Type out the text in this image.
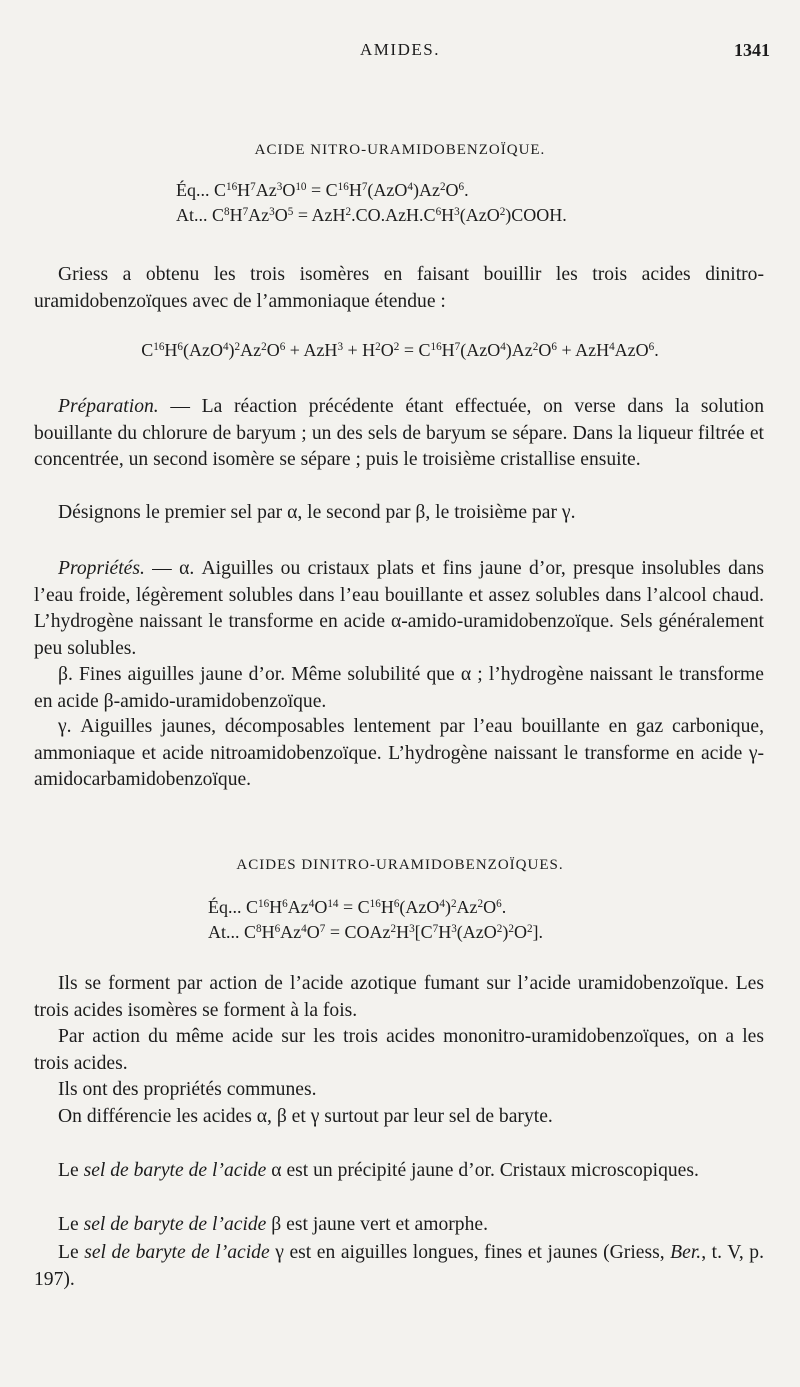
AMIDES.	1341
ACIDE NITRO-URAMIDOBENZOÏQUE.
Éq... $C^{16}H^7Az^3O^{10} = C^{16}H^7(AzO^4)Az^2O^6$.
At... $C^8H^7Az^3O^5$ = $AzH^2.CO.AzH.C^6H^3(AzO^2)COOH$.
Griess a obtenu les trois isomères en faisant bouillir les trois acides dinitro-uramidobenzoïques avec de l’ammoniaque étendue :
$C^{16}H^6(AzO^4)^2Az^2O^6 + AzH^3 + H^2O^2 = C^{16}H^7(AzO^4)Az^2O^6 + AzH^4AzO^6$.
Préparation. — La réaction précédente étant effectuée, on verse dans la solution bouillante du chlorure de baryum ; un des sels de baryum se sépare. Dans la liqueur filtrée et concentrée, un second isomère se sépare ; puis le troisième cristallise ensuite.
Désignons le premier sel par α, le second par β, le troisième par γ.
Propriétés. — α. Aiguilles ou cristaux plats et fins jaune d’or, presque insolubles dans l’eau froide, légèrement solubles dans l’eau bouillante et assez solubles dans l’alcool chaud. L’hydrogène naissant le transforme en acide α-amido-uramidobenzoïque. Sels généralement peu solubles.
β. Fines aiguilles jaune d’or. Même solubilité que α ; l’hydrogène naissant le transforme en acide β-amido-uramidobenzoïque.
γ. Aiguilles jaunes, décomposables lentement par l’eau bouillante en gaz carbonique, ammoniaque et acide nitroamidobenzoïque. L’hydrogène naissant le transforme en acide γ-amidocarbamidobenzoïque.
ACIDES DINITRO-URAMIDOBENZOÏQUES.
Éq... $C^{16}H^6Az^4O^{14} = C^{16}H^6(AzO^4)^2Az^2O^6$.
At... $C^8H^6Az^4O^7$ = $COAz^2H^3[C^7H^3(AzO^2)^2O^2]$.
Ils se forment par action de l’acide azotique fumant sur l’acide uramidobenzoïque. Les trois acides isomères se forment à la fois.
Par action du même acide sur les trois acides mononitro-uramidobenzoïques, on a les trois acides.
Ils ont des propriétés communes.
On différencie les acides α, β et γ surtout par leur sel de baryte.
Le sel de baryte de l’acide α est un précipité jaune d’or. Cristaux microscopiques.
Le sel de baryte de l’acide β est jaune vert et amorphe.
Le sel de baryte de l’acide γ est en aiguilles longues, fines et jaunes (Griess, Ber., t. V, p. 197).
